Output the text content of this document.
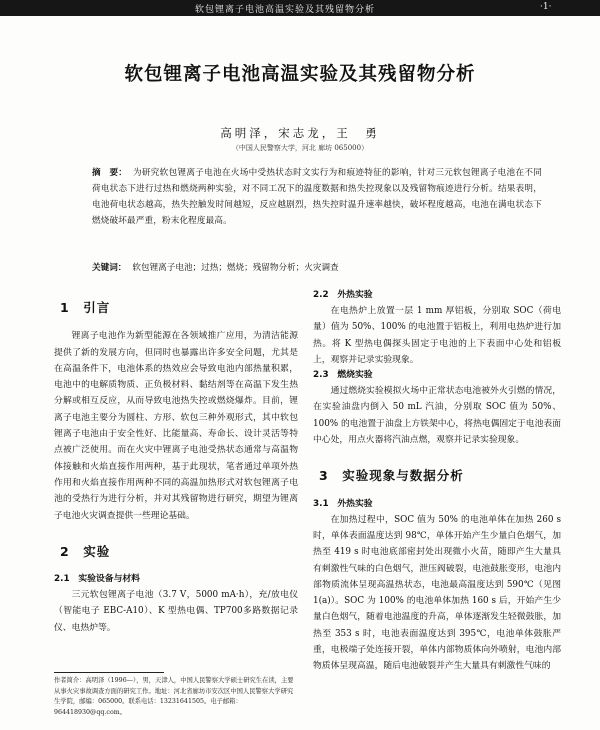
软包锂离子电池高温实验及其残留物分析	·1·
软包锂离子电池高温实验及其残留物分析
高明泽，宋志龙，王　勇
（中国人民警察大学，河北 廊坊 065000）
摘　要： 为研究软包锂离子电池在火场中受热状态时文实行为和痕迹特征的影响，针对三元软包锂离子电池在不同荷电状态下进行过热和燃烧两种实验，对不同工况下的温度数据和热失控现象以及残留物痕迹进行分析。结果表明，电池荷电状态越高，热失控触发时间越短，反应越剧烈，热失控时温升速率越快，破坏程度越高，电池在满电状态下燃烧破坏最严重，粉末化程度最高。
关键词： 软包锂离子电池；过热；燃烧；残留物分析；火灾调查
1　引言
锂离子电池作为新型能源在各领域推广应用，为清洁能源提供了新的发展方向，但同时也暴露出许多安全问题，尤其是在高温条件下，电池体系的热效应会导致电池内部热量积累，电池中的电解质物质、正负极材料、黏结剂等在高温下发生热分解或相互反应，从而导致电池热失控或燃烧爆炸。目前，锂离子电池主要分为圆柱、方形、软包三种外观形式，其中软包锂离子电池由于安全性好、比能量高、寿命长、设计灵活等特点被广泛使用。而在火灾中锂离子电池受热状态通常与高温物体接触和火焰直接作用两种，基于此现状，笔者通过单项外热作用和火焰直接作用两种不同的高温加热形式对软包锂离子电池的受热行为进行分析，并对其残留物进行研究，期望为锂离子电池火灾调查提供一些理论基础。
2　实验
2.1　实验设备与材料
三元软包锂离子电池（3.7 V，5000 mA·h），充/放电仪（智能电子 EBC-A10）、K 型热电偶、TP700多路数据记录仪、电热炉等。
2.2　外热实验
在电热炉上放置一层 1 mm 厚铝板，分别取 SOC（荷电量）值为 50%、100% 的电池置于铝板上，利用电热炉进行加热。将 K 型热电偶探头固定于电池的上下表面中心处和铝板上，观察并记录实验现象。
2.3　燃烧实验
通过燃烧实验模拟火场中正常状态电池被外火引燃的情况，在实验油盘内倒入 50 mL 汽油，分别取 SOC 值为 50%、100% 的电池置于油盘上方铁架中心，将热电偶固定于电池表面中心处，用点火器将汽油点燃，观察并记录实验现象。
3　实验现象与数据分析
3.1　外热实验
在加热过程中，SOC 值为 50% 的电池单体在加热 260 s 时，单体表面温度达到 98℃，单体开始产生少量白色烟气，加热至 419 s 时电池底部密封处出现微小火苗，随即产生大量具有刺激性气味的白色烟气，泄压阀破裂，电池鼓胀变形，电池内部物质流体呈现高温热状态，电池最高温度达到 590℃（见图 1(a)）。SOC 为 100% 的电池单体加热 160 s 后，开始产生少量白色烟气，随着电池温度的升高，单体逐渐发生轻微鼓胀，加热至 353 s 时，电池表面温度达到 395℃，电池单体鼓胀严重，电极端子处连接开裂，单体内部物质体向外喷射，电池内部物质体呈现高温，随后电池破裂并产生大量具有刺激性气味的
作者简介：高明泽（1996—），男，天津人，中国人民警察大学硕士研究生在读，主要从事火灾事故调查方面的研究工作。地址：河北省廊坊市安次区中国人民警察大学研究生学院，邮编：065000。联系电话：13231641505。电子邮箱：964418930@qq.com。
